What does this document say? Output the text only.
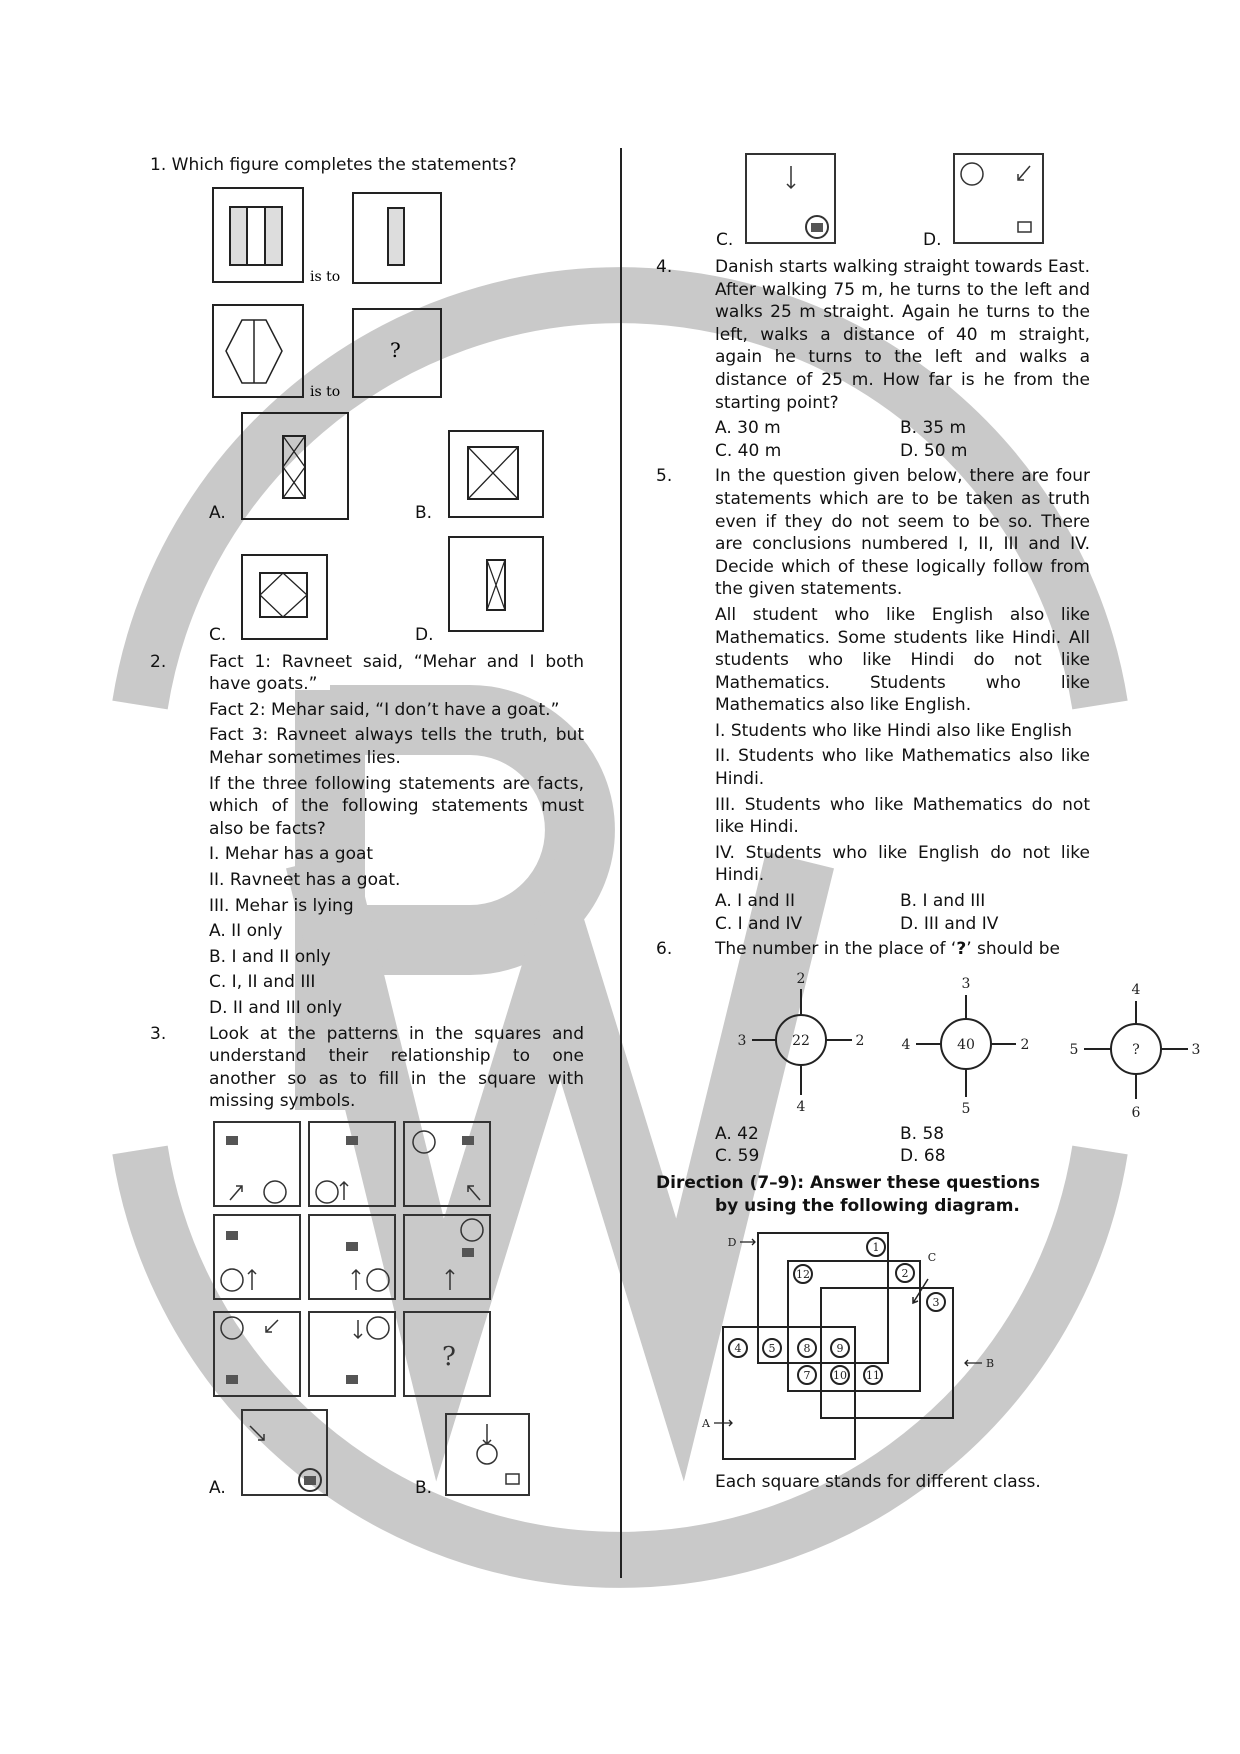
1. Which figure completes the statements?
is to
is to
?
A.	B.
C.	D.
2.	Fact 1: Ravneet said, “Mehar and I both have goats.”

Fact 2: Mehar said, “I don’t have a goat.”

Fact 3: Ravneet always tells the truth, but Mehar sometimes lies.

If the three following statements are facts, which of the following statements must also be facts?

I. Mehar has a goat

II. Ravneet has a goat.

III. Mehar is lying

A. II only

B. I and II only

C. I, II and III

D. II and III only

3.	Look at the patterns in the squares and understand their relationship to one another so as to fill in the square with missing symbols.

?
A.	B.
C.	D.
4.	Danish starts walking straight towards East. After walking 75 m, he turns to the left and walks 25 m straight. Again he turns to the left, walks a distance of 40 m straight, again he turns to the left and walks a distance of 25 m. How far is he from the starting point?

A. 30 m	B. 35 m
C. 40 m	D. 50 m
5.	In the question given below, there are four statements which are to be taken as truth even if they do not seem to be so. There are conclusions numbered I, II, III and IV. Decide which of these logically follow from the given statements.

All student who like English also like Mathematics. Some students like Hindi. All students who like Hindi do not like Mathematics. Students who like Mathematics also like English.

I. Students who like Hindi also like English

II. Students who like Mathematics also like Hindi.

III. Students who like Mathematics do not like Hindi.

IV. Students who like English do not like Hindi.

A. I and II	B. I and III
C. I and IV	D. III and IV
6.	The number in the place of ‘?’ should be
22
2
3	2
4
40
3
4	2
5
?
4
5	3
6
A. 42	B. 58
C. 59	D. 68
Direction (7–9): Answer these questions
by using the following diagram.
1
2
3
4 5	8 9
7 10 11
12
D
C
B
A
Each square stands for different class.
